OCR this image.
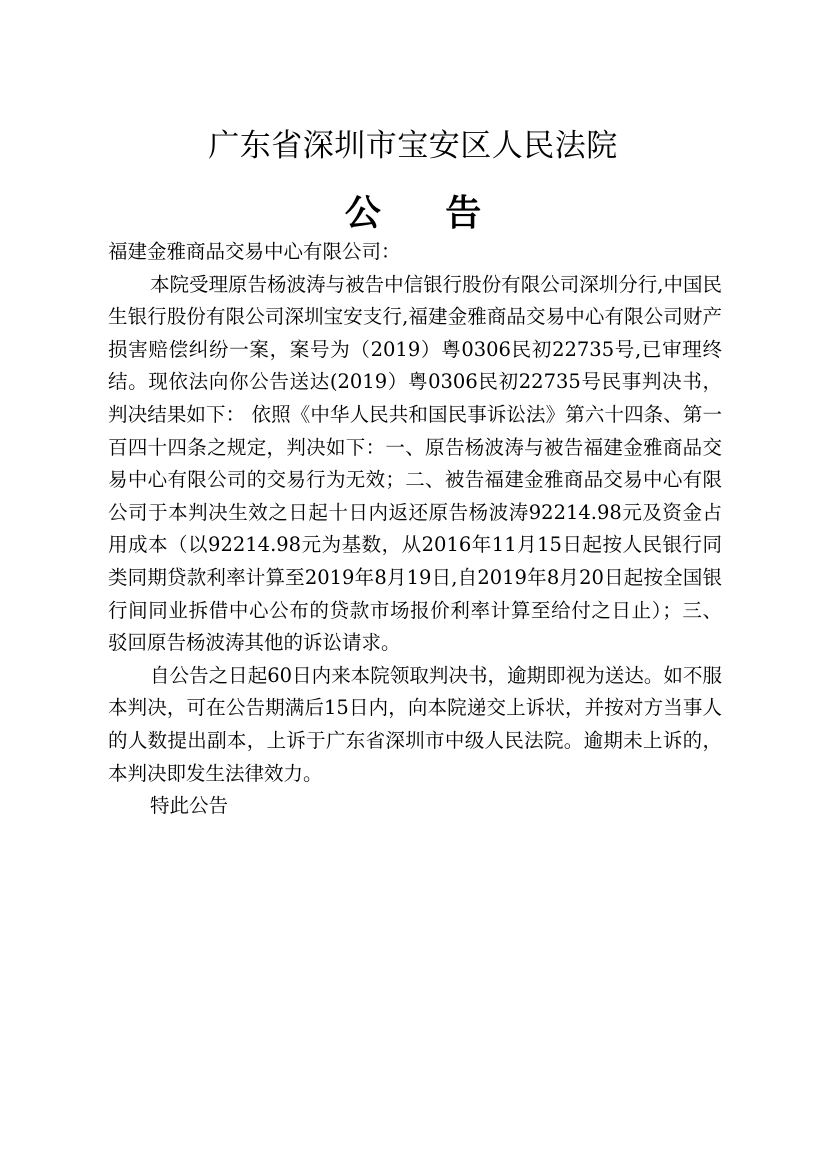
广东省深圳市宝安区人民法院
公 告

福建金雅商品交易中心有限公司：

本院受理原告杨波涛与被告中信银行股份有限公司深圳分行,中国民生银行股份有限公司深圳宝安支行,福建金雅商品交易中心有限公司财产损害赔偿纠纷一案，案号为（2019）粤0306民初22735号,已审理终结。现依法向你公告送达(2019）粤0306民初22735号民事判决书，判决结果如下： 依照《中华人民共和国民事诉讼法》第六十四条、第一百四十四条之规定，判决如下：一、原告杨波涛与被告福建金雅商品交易中心有限公司的交易行为无效；二、被告福建金雅商品交易中心有限公司于本判决生效之日起十日内返还原告杨波涛92214.98元及资金占用成本（以92214.98元为基数，从2016年11月15日起按人民银行同类同期贷款利率计算至2019年8月19日,自2019年8月20日起按全国银行间同业拆借中心公布的贷款市场报价利率计算至给付之日止）；三、驳回原告杨波涛其他的诉讼请求。

自公告之日起60日内来本院领取判决书，逾期即视为送达。如不服本判决，可在公告期满后15日内，向本院递交上诉状，并按对方当事人的人数提出副本，上诉于广东省深圳市中级人民法院。逾期未上诉的，本判决即发生法律效力。

特此公告
